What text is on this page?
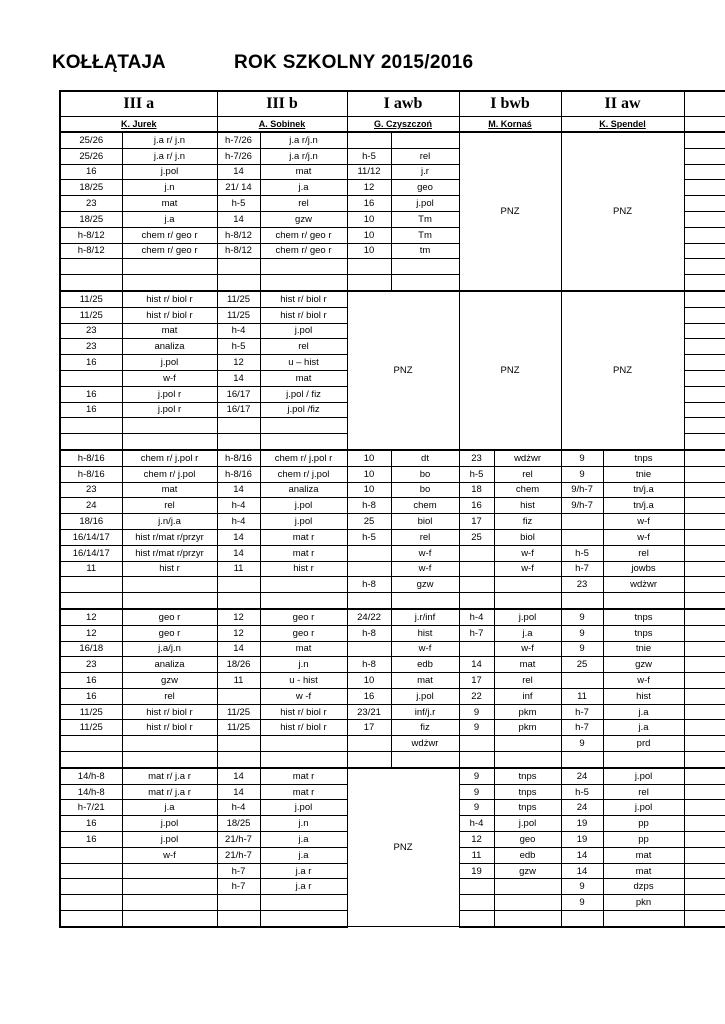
KOŁŁĄTAJA	ROK SZKOLNY 2015/2016
III a		III b		I awb		I bwb		II aw		
K. Jurek		A. Sobinek		G. Czyszczoń		M. Kornaś		K. Spendel		
25/26	j.a r/ j.n	h-7/26	j.a r/j.n			PNZ		PNZ		
25/26	j.a r/ j.n	h-7/26	j.a r/j.n	h-5	rel					
16	j.pol	14	mat	11/12	j.r					
18/25	j.n	21/ 14	j.a	12	geo					
23	mat	h-5	rel	16	j.pol					
18/25	j.a	14	gzw	10	Tm					
h-8/12	chem r/ geo r	h-8/12	chem r/ geo r	10	Tm					
h-8/12	chem r/ geo r	h-8/12	chem r/ geo r	10	tm					

11/25	hist r/ biol r	11/25	hist r/ biol r	PNZ		PNZ		PNZ		
11/25	hist r/ biol r	11/25	hist r/ biol r							
23	mat	h-4	j.pol							
23	analiza	h-5	rel							
16	j.pol	12	u – hist							
	w-f	14	mat							
16	j.pol r	16/17	j.pol / fiz							
16	j.pol r	16/17	j.pol /fiz							

h-8/16	chem r/ j.pol r	h-8/16	chem r/ j.pol r	10	dt	23	wdżwr	9	tnps	
h-8/16	chem r/ j.pol	h-8/16	chem r/ j.pol	10	bo	h-5	rel	9	tnie	
23	mat	14	analiza	10	bo	18	chem	9/h-7	tn/j.a	
24	rel	h-4	j.pol	h-8	chem	16	hist	9/h-7	tn/j.a	
18/16	j.n/j.a	h-4	j.pol	25	biol	17	fiz		w-f	
16/14/17	hist r/mat r/przyr	14	mat r	h-5	rel	25	biol		w-f	
16/14/17	hist r/mat r/przyr	14	mat r		w-f		w-f	h-5	rel	
11	hist r	11	hist r		w-f		w-f	h-7	jowbs	
				h-8	gzw			23	wdżwr	

12	geo r	12	geo r	24/22	j.r/inf	h-4	j.pol	9	tnps	
12	geo r	12	geo r	h-8	hist	h-7	j.a	9	tnps	
16/18	j.a/j.n	14	mat		w-f		w-f	9	tnie	
23	analiza	18/26	j.n	h-8	edb	14	mat	25	gzw	
16	gzw	11	u - hist	10	mat	17	rel		w-f	
16	rel		w -f	16	j.pol	22	inf	11	hist	
11/25	hist r/ biol r	11/25	hist r/ biol r	23/21	inf/j.r	9	pkm	h-7	j.a	
11/25	hist r/ biol r	11/25	hist r/ biol r	17	fiz	9	pkm	h-7	j.a	
					wdżwr			9	prd	

14/h-8	mat r/ j.a r	14	mat r	PNZ		9	tnps	24	j.pol	
14/h-8	mat r/ j.a r	14	mat r			9	tnps	h-5	rel	
h-7/21	j.a	h-4	j.pol			9	tnps	24	j.pol	
16	j.pol	18/25	j.n			h-4	j.pol	19	pp	
16	j.pol	21/h-7	j.a			12	geo	19	pp	
	w-f	21/h-7	j.a			11	edb	14	mat	
		h-7	j.a r			19	gzw	14	mat	
		h-7	j.a r					9	dzps	
								9	pkn	
